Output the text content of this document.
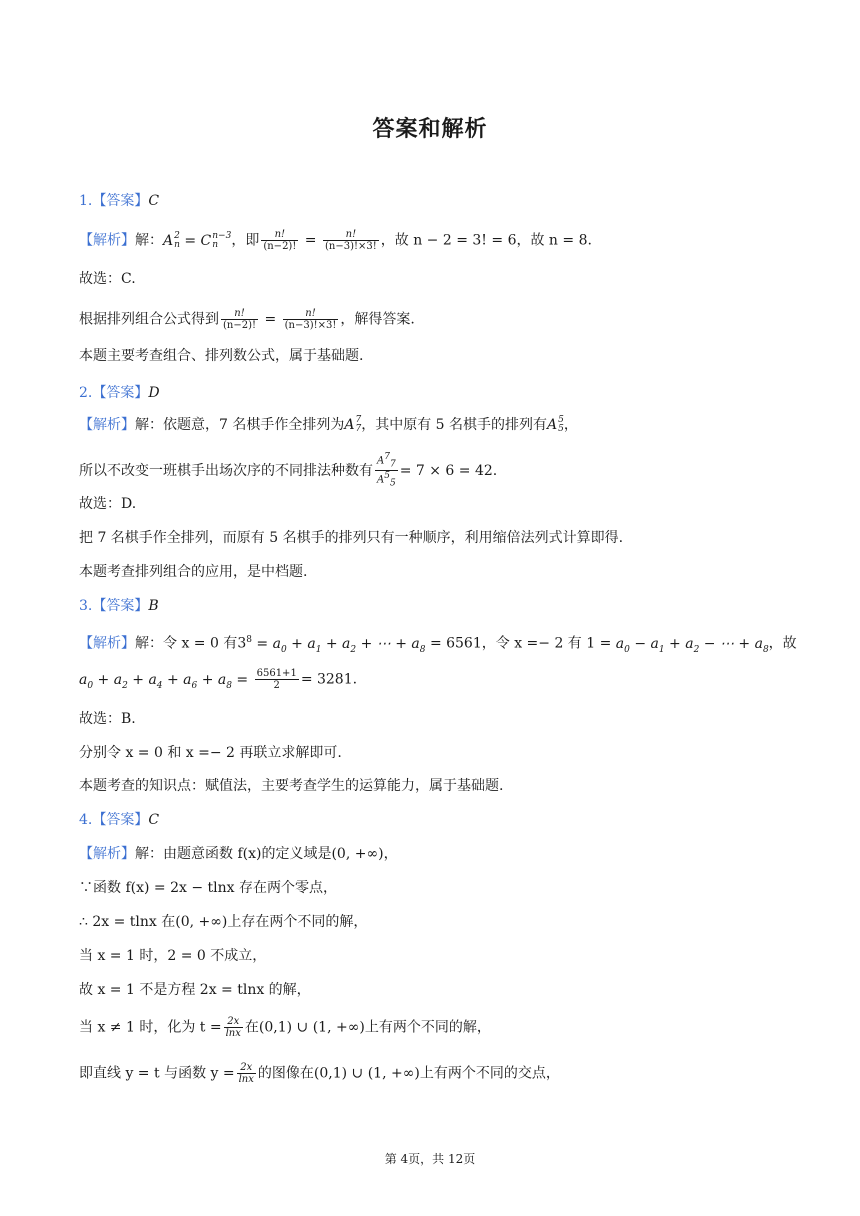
答案和解析
1.【答案】C
【解析】解：A 2
n = C n−3
n ，即 $\frac{n!}{(n-2)!} = \frac{n!}{(n-3)!\times 3!}$ ，故 n − 2 = 3! = 6，故 n = 8.
故选：C.
根据排列组合公式得到 $\frac{n!}{(n-2)!} = \frac{n!}{(n-3)!\times 3!}$ ，解得答案.
本题主要考查组合、排列数公式，属于基础题.
2.【答案】D
【解析】解：依题意，7 名棋手作全排列为A 7
7 ，其中原有 5 名棋手的排列有A 5
5 ，
所以不改变一班棋手出场次序的不同排法种数有 $\frac{A^7_7}{A^5_5} = 7 \times 6 = 42$.
故选：D.
把 7 名棋手作全排列，而原有 5 名棋手的排列只有一种顺序，利用缩倍法列式计算即得.
本题考查排列组合的应用，是中档题.
3.【答案】B
【解析】解：令 x = 0 有$3^8 = a_0 + a_1 + a_2$ + ⋯ + $a_8 = 6561$，令 x =− 2 有 $1 = a_0 - a_1 + a_2$ − ⋯ + $a_8$，故
$a_0 + a_2 + a_4 + a_6 + a_8 = \frac{6561+1}{2} = 3281$.
故选：B.
分别令 x = 0 和 x =− 2 再联立求解即可.
本题考查的知识点：赋值法，主要考查学生的运算能力，属于基础题.
4.【答案】C
【解析】解：由题意函数 f(x)的定义域是(0, +∞)，
∵函数 f(x) = 2x − tlnx 存在两个零点，
∴ 2x = tlnx 在(0, +∞)上存在两个不同的解，
当 x = 1 时，2 = 0 不成立，
故 x = 1 不是方程 2x = tlnx 的解，
当 x ≠ 1 时，化为 $t = \frac{2x}{\ln x}$ 在(0,1) ∪ (1, +∞)上有两个不同的解，
即直线 y = t 与函数 $y = \frac{2x}{\ln x}$ 的图像在(0,1) ∪ (1, +∞)上有两个不同的交点，
第 4页，共 12页
